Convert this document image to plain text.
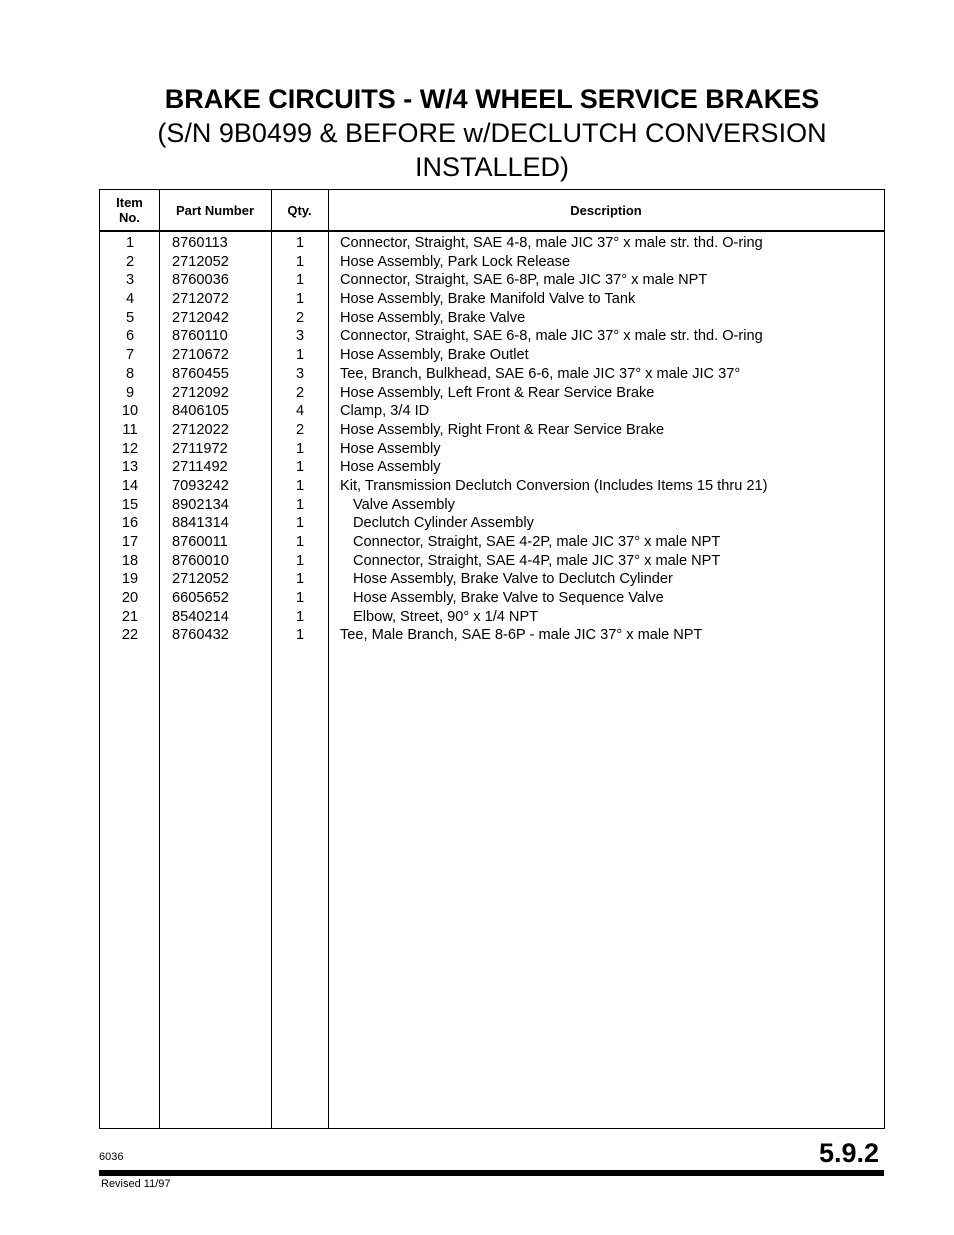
BRAKE CIRCUITS - W/4 WHEEL SERVICE BRAKES
(S/N 9B0499 & BEFORE w/DECLUTCH CONVERSION
INSTALLED)
Item
No.	Part Number	Qty.	Description
1	8760113	1	Connector, Straight, SAE 4-8, male JIC 37° x male str. thd. O-ring
2	2712052	1	Hose Assembly, Park Lock Release
3	8760036	1	Connector, Straight, SAE 6-8P, male JIC 37° x male NPT
4	2712072	1	Hose Assembly, Brake Manifold Valve to Tank
5	2712042	2	Hose Assembly, Brake Valve
6	8760110	3	Connector, Straight, SAE 6-8, male JIC 37° x male str. thd. O-ring
7	2710672	1	Hose Assembly, Brake Outlet
8	8760455	3	Tee, Branch, Bulkhead, SAE 6-6, male JIC 37° x male JIC 37°
9	2712092	2	Hose Assembly, Left Front & Rear Service Brake
10	8406105	4	Clamp, 3/4 ID
11	2712022	2	Hose Assembly, Right Front & Rear Service Brake
12	2711972	1	Hose Assembly
13	2711492	1	Hose Assembly
14	7093242	1	Kit, Transmission Declutch Conversion (Includes Items 15 thru 21)
15	8902134	1	Valve Assembly
16	8841314	1	Declutch Cylinder Assembly
17	8760011	1	Connector, Straight, SAE 4-2P, male JIC 37° x male NPT
18	8760010	1	Connector, Straight, SAE 4-4P, male JIC 37° x male NPT
19	2712052	1	Hose Assembly, Brake Valve to Declutch Cylinder
20	6605652	1	Hose Assembly, Brake Valve to Sequence Valve
21	8540214	1	Elbow, Street, 90° x 1/4 NPT
22	8760432	1	Tee, Male Branch, SAE 8-6P - male JIC 37° x male NPT
6036	5.9.2
Revised 11/97
